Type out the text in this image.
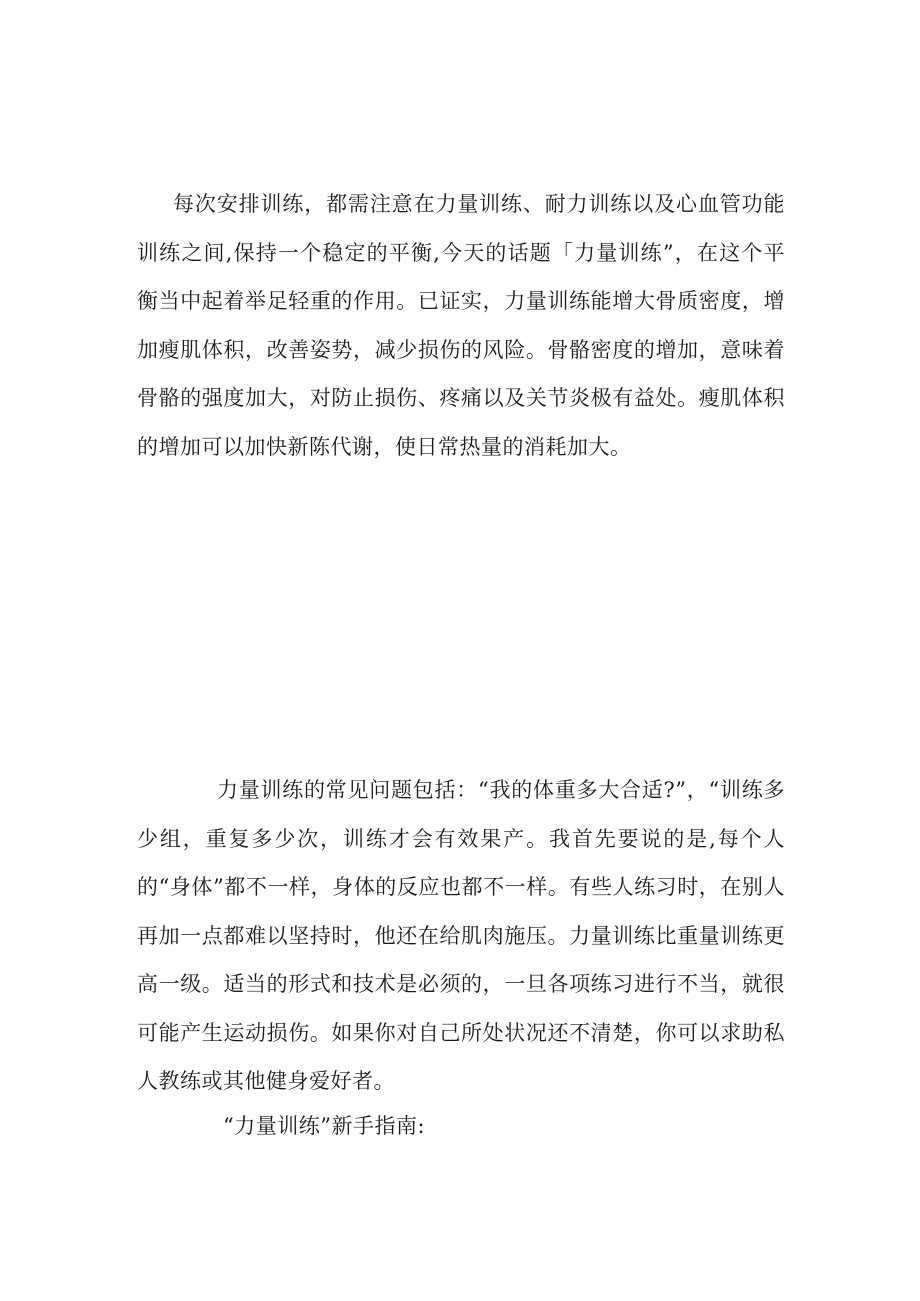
每次安排训练，都需注意在力量训练、耐力训练以及心血管功能训练之间,保持一个稳定的平衡,今天的话题「力量训练”，在这个平衡当中起着举足轻重的作用。已证实，力量训练能增大骨质密度，增加瘦肌体积，改善姿势，减少损伤的风险。骨骼密度的增加，意味着骨骼的强度加大，对防止损伤、疼痛以及关节炎极有益处。瘦肌体积的增加可以加快新陈代谢，使日常热量的消耗加大。

力量训练的常见问题包括：“我的体重多大合适?”，“训练多少组，重复多少次，训练才会有效果产。我首先要说的是,每个人的“身体”都不一样，身体的反应也都不一样。有些人练习时，在别人再加一点都难以坚持时，他还在给肌肉施压。力量训练比重量训练更高一级。适当的形式和技术是必须的，一旦各项练习进行不当，就很可能产生运动损伤。如果你对自己所处状况还不清楚，你可以求助私人教练或其他健身爱好者。

“力量训练”新手指南:
